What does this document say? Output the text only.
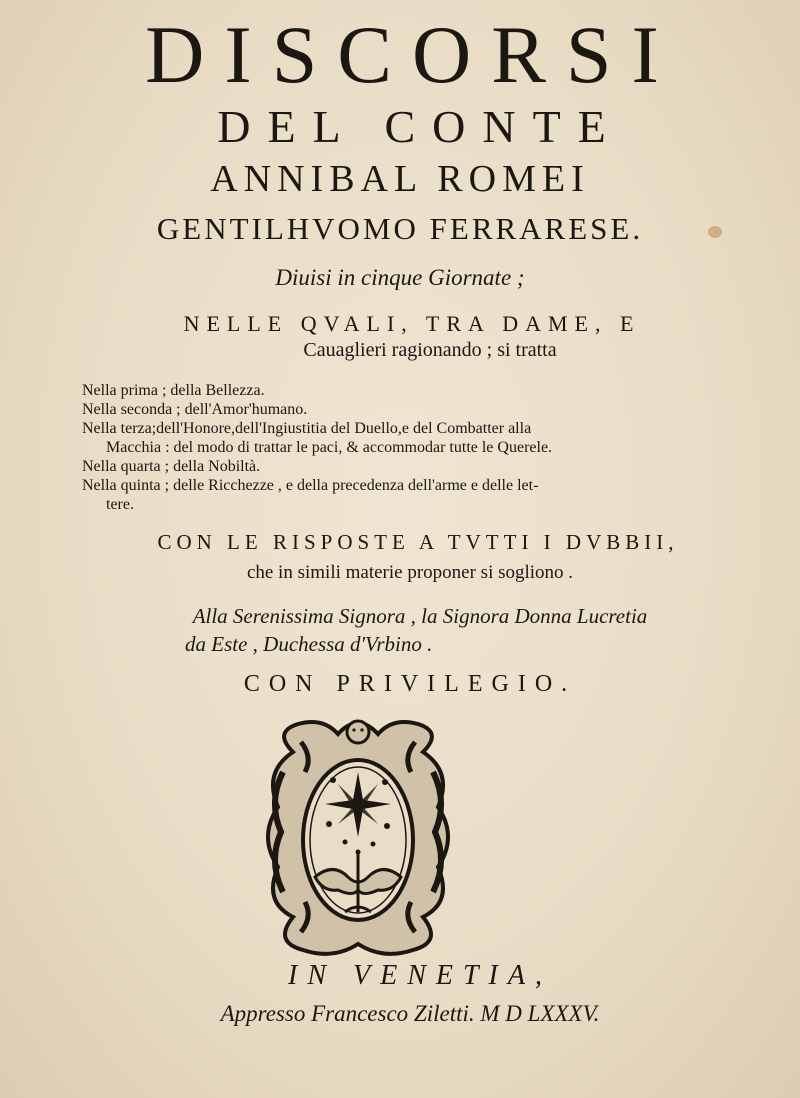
DISCORSI
DEL CONTE
ANNIBAL ROMEI
GENTILHVOMO FERRARESE.
Diuisi in cinque Giornate ;
NELLE QVALI, TRA DAME, E
Cauaglieri ragionando ; si tratta
Nella prima ; della Bellezza.
Nella seconda ; dell'Amor'humano.
Nella terza;dell'Honore,dell'Ingiustitia del Duello,e del Combatter alla
Macchia : del modo di trattar le paci, & accommodar tutte le Querele.
Nella quarta ; della Nobiltà.
Nella quinta ; delle Ricchezze , e della precedenza dell'arme e delle let-
tere.
CON LE RISPOSTE A TVTTI I DVBBII,
che in simili materie proponer si sogliono .
Alla Serenissima Signora , la Signora Donna Lucretia
da Este , Duchessa d'Vrbino .
CON PRIVILEGIO.
IN VENETIA,
Appresso Francesco Ziletti. M D LXXXV.
